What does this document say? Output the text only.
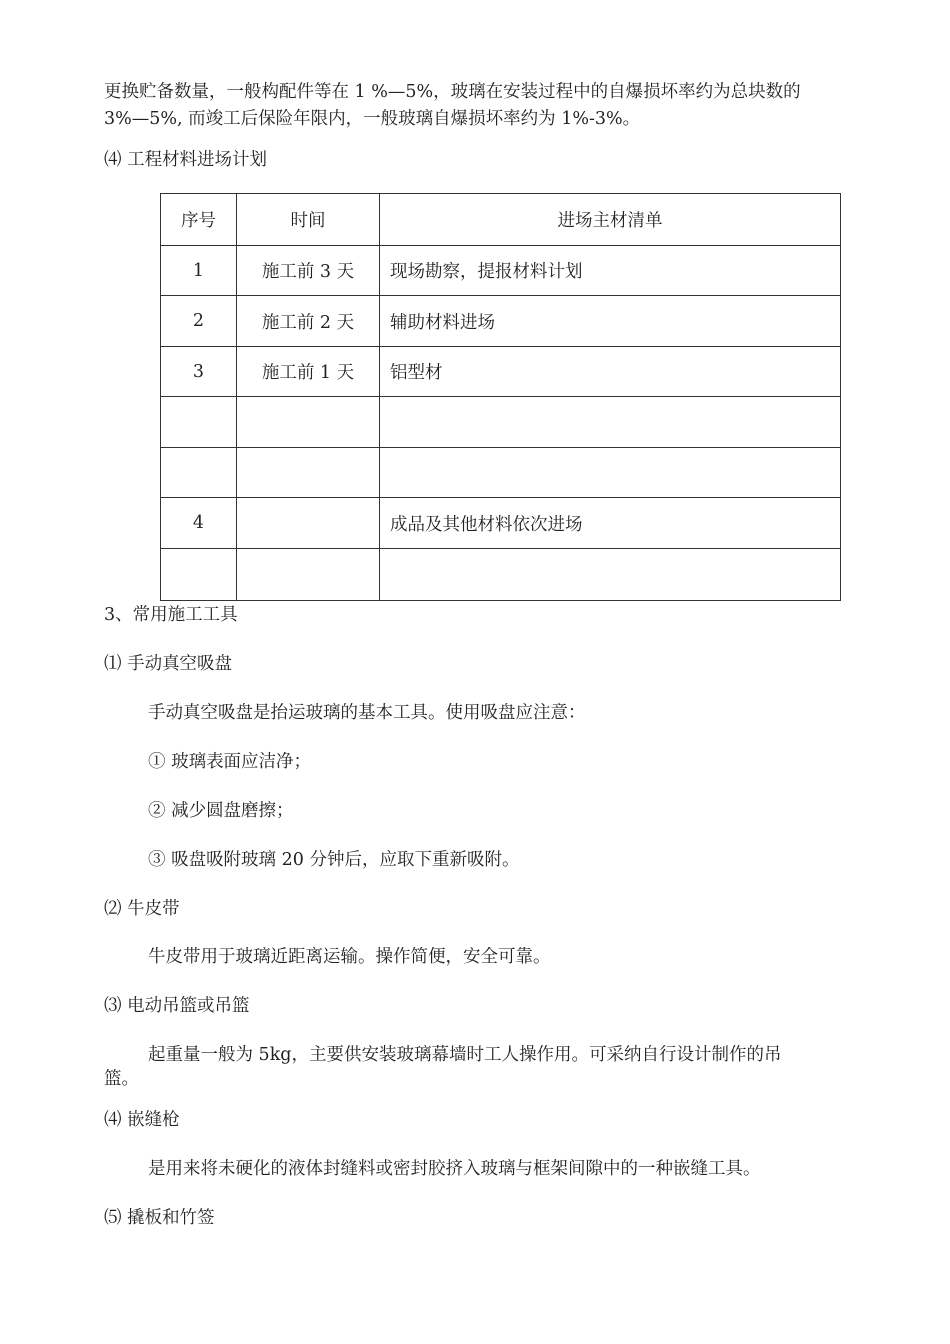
更换贮备数量，一般构配件等在 1 %—5%，玻璃在安装过程中的自爆损坏率约为总块数的
3%—5%, 而竣工后保险年限内，一般玻璃自爆损坏率约为 1%-3%。
⑷ 工程材料进场计划
序号	时间	进场主材清单
1	施工前 3 天	现场勘察，提报材料计划
2	施工前 2 天	辅助材料进场
3	施工前 1 天	铝型材

4		成品及其他材料依次进场

3、常用施工工具
⑴ 手动真空吸盘
手动真空吸盘是抬运玻璃的基本工具。使用吸盘应注意：
① 玻璃表面应洁净；
② 减少圆盘磨擦；
③ 吸盘吸附玻璃 20 分钟后，应取下重新吸附。
⑵ 牛皮带
牛皮带用于玻璃近距离运输。操作简便，安全可靠。
⑶ 电动吊篮或吊篮
起重量一般为 5kg，主要供安装玻璃幕墙时工人操作用。可采纳自行设计制作的吊
篮。
⑷ 嵌缝枪
是用来将未硬化的液体封缝料或密封胶挤入玻璃与框架间隙中的一种嵌缝工具。
⑸ 撬板和竹签
